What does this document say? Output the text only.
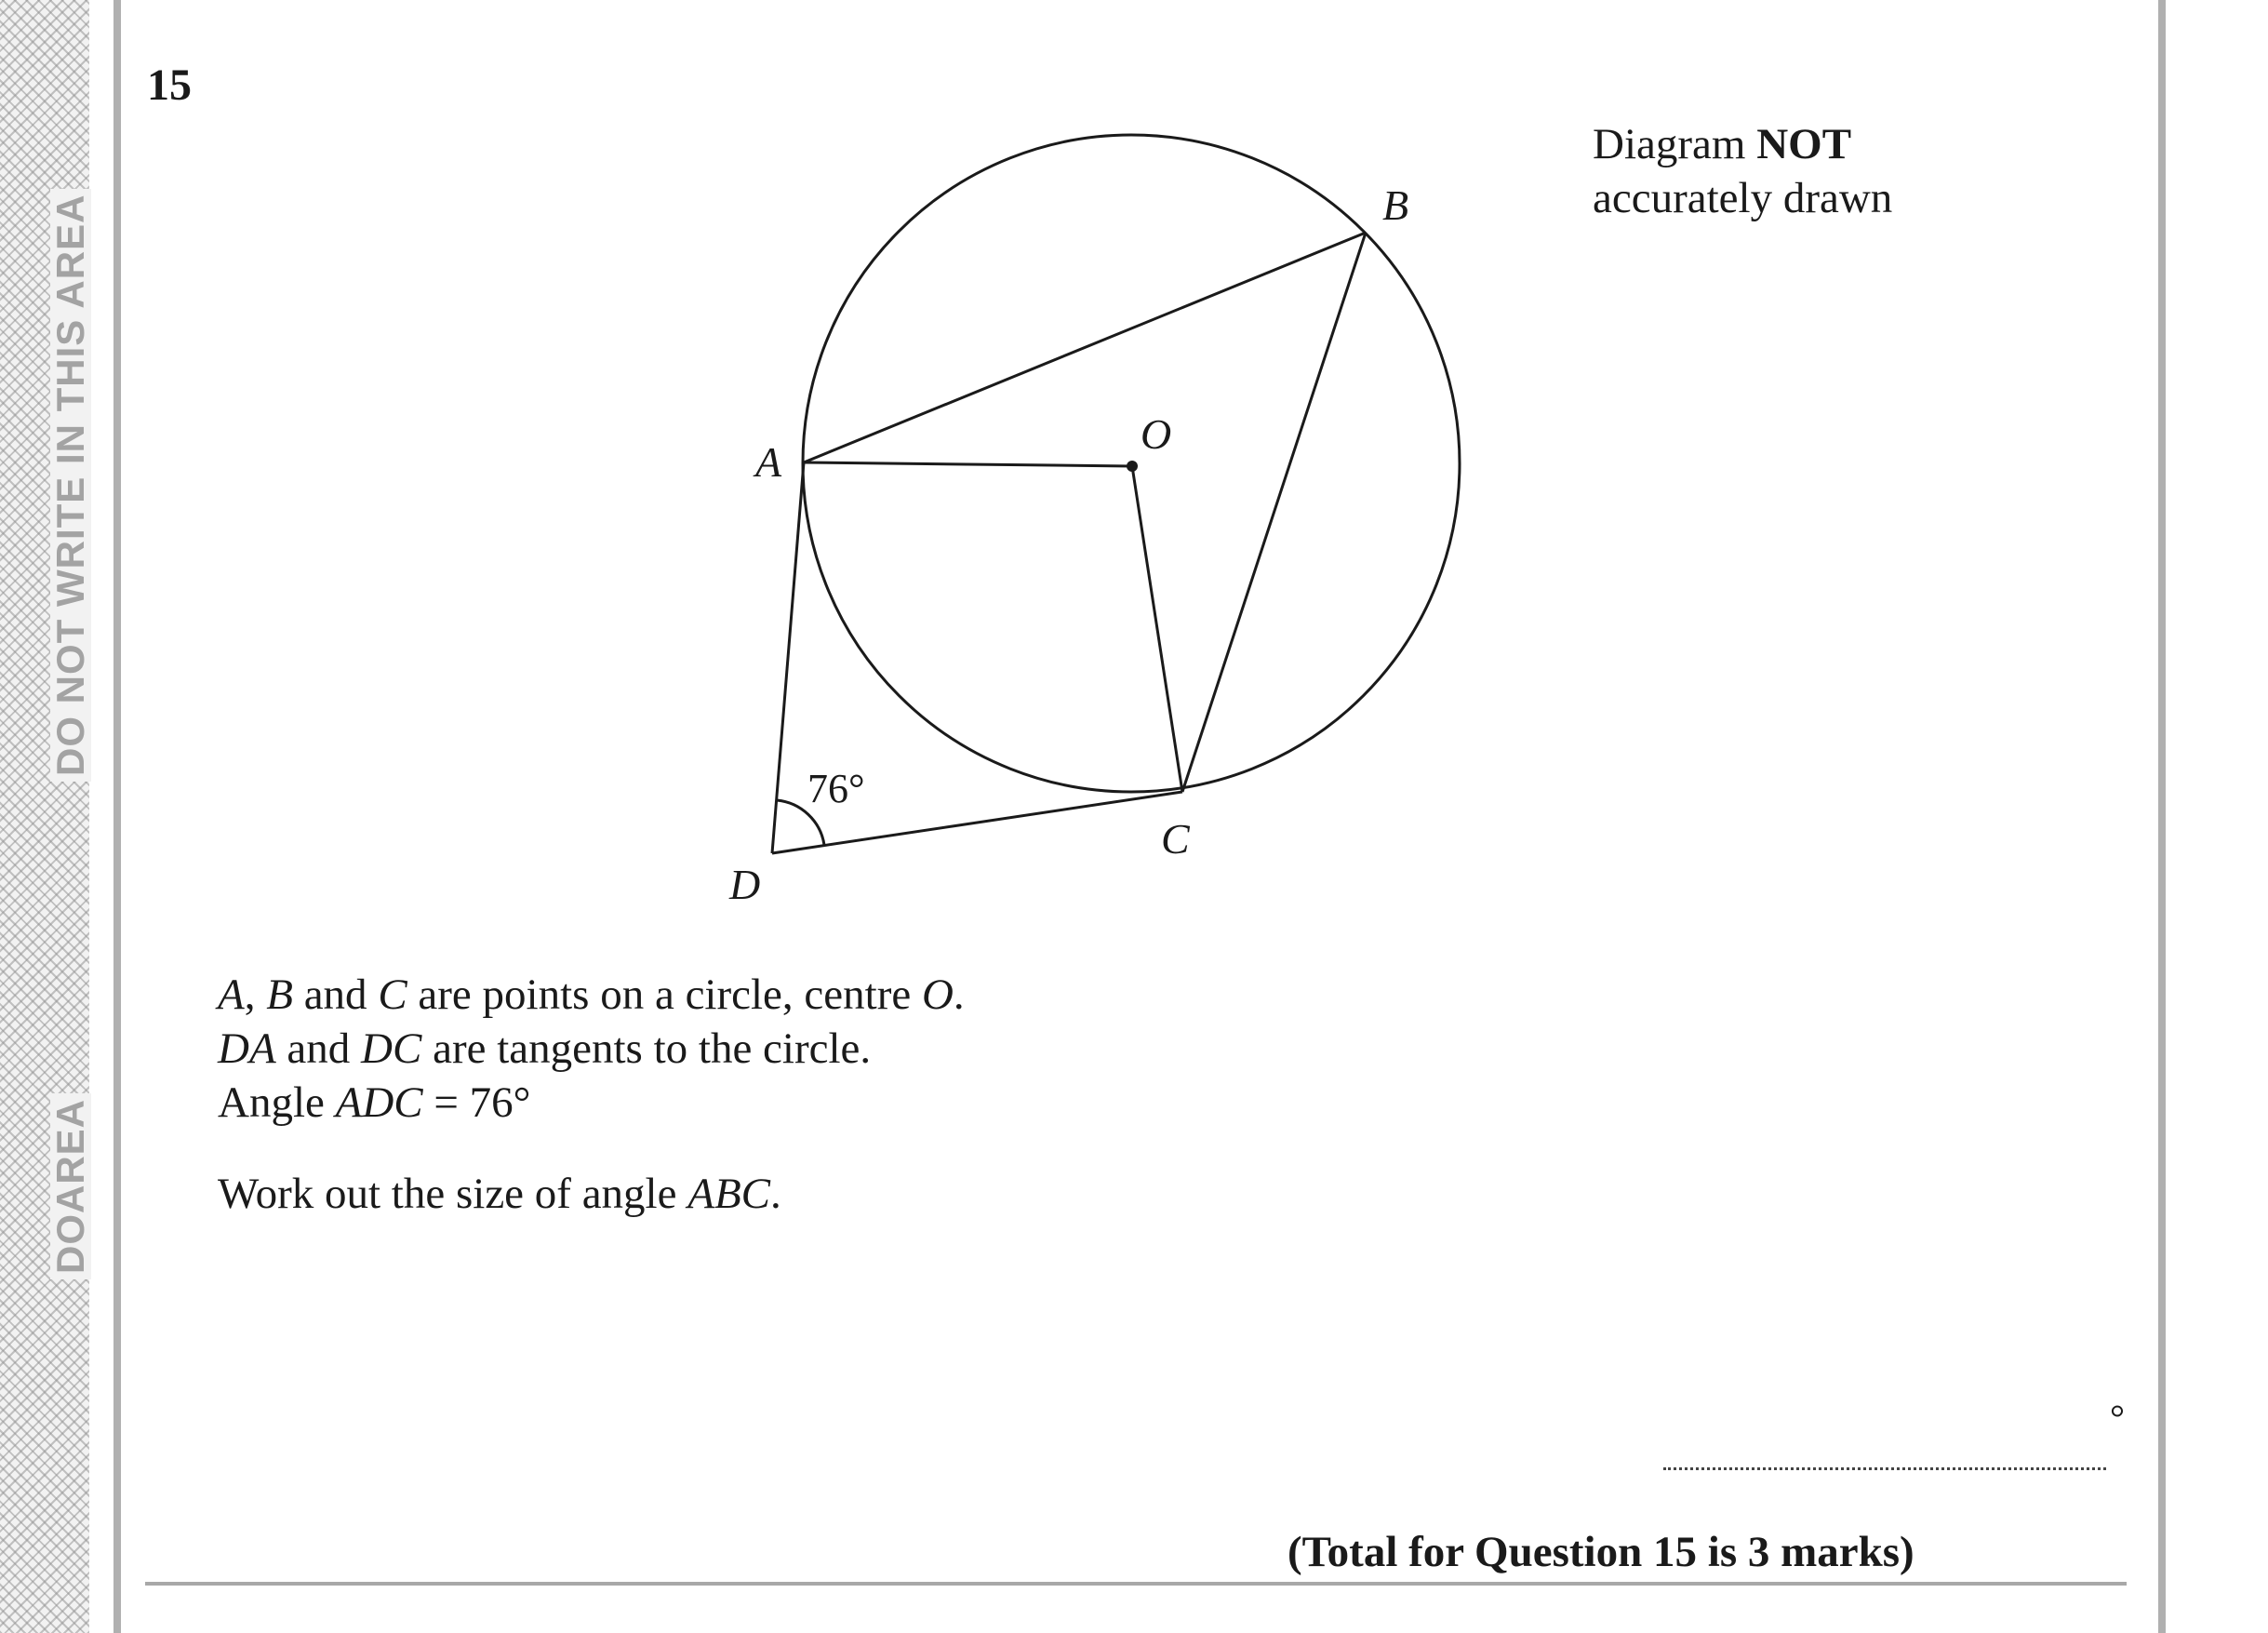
DO NOT WRITE IN THIS AREA
DOAREA
15
Diagram NOT
accurately drawn
A
B
C
D
O
76°
A, B and C are points on a circle, centre O.
DA and DC are tangents to the circle.
Angle ADC = 76°
Work out the size of angle ABC.
°
(Total for Question 15 is 3 marks)
